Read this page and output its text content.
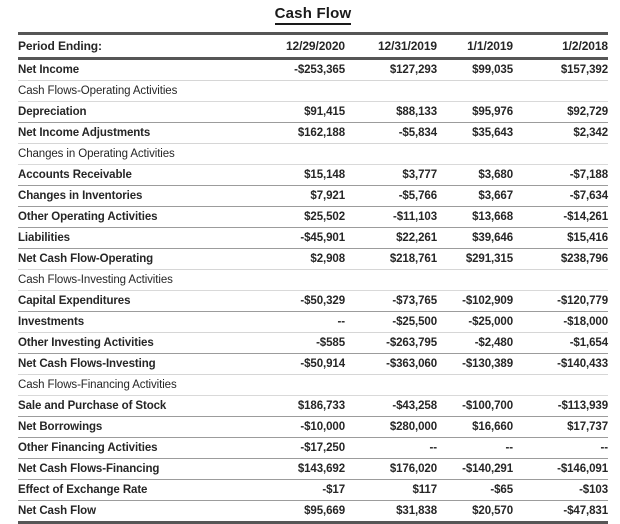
Cash Flow
Period Ending:	12/29/2020	12/31/2019	1/1/2019	1/2/2018
Net Income	-$253,365	$127,293	$99,035	$157,392
Cash Flows-Operating Activities				
Depreciation	$91,415	$88,133	$95,976	$92,729
Net Income Adjustments	$162,188	-$5,834	$35,643	$2,342
Changes in Operating Activities				
Accounts Receivable	$15,148	$3,777	$3,680	-$7,188
Changes in Inventories	$7,921	-$5,766	$3,667	-$7,634
Other Operating Activities	$25,502	-$11,103	$13,668	-$14,261
Liabilities	-$45,901	$22,261	$39,646	$15,416
Net Cash Flow-Operating	$2,908	$218,761	$291,315	$238,796
Cash Flows-Investing Activities				
Capital Expenditures	-$50,329	-$73,765	-$102,909	-$120,779
Investments	--	-$25,500	-$25,000	-$18,000
Other Investing Activities	-$585	-$263,795	-$2,480	-$1,654
Net Cash Flows-Investing	-$50,914	-$363,060	-$130,389	-$140,433
Cash Flows-Financing Activities				
Sale and Purchase of Stock	$186,733	-$43,258	-$100,700	-$113,939
Net Borrowings	-$10,000	$280,000	$16,660	$17,737
Other Financing Activities	-$17,250	--	--	--
Net Cash Flows-Financing	$143,692	$176,020	-$140,291	-$146,091
Effect of Exchange Rate	-$17	$117	-$65	-$103
Net Cash Flow	$95,669	$31,838	$20,570	-$47,831
